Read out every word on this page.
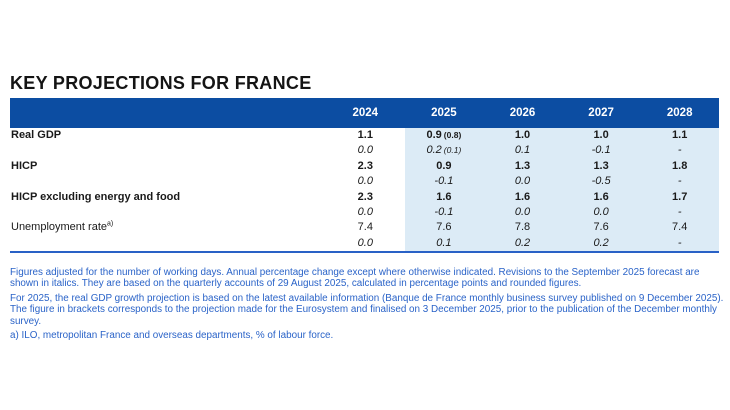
KEY PROJECTIONS FOR FRANCE
2024	2025	2026	2027	2028
Real GDP	1.1	0.9 (0.8)	1.0	1.0	1.1
0.0	0.2 (0.1)	0.1	-0.1	-
HICP	2.3	0.9	1.3	1.3	1.8
0.0	-0.1	0.0	-0.5	-
HICP excluding energy and food	2.3	1.6	1.6	1.6	1.7
0.0	-0.1	0.0	0.0	-
Unemployment rate$^{a)}$	7.4	7.6	7.8	7.6	7.4
0.0	0.1	0.2	0.2	-

Figures adjusted for the number of working days. Annual percentage change except where otherwise indicated. Revisions to the September 2025 forecast are shown in italics. They are based on the quarterly accounts of 29 August 2025, calculated in percentage points and rounded figures.

For 2025, the real GDP growth projection is based on the latest available information (Banque de France monthly business survey published on 9 December 2025). The figure in brackets corresponds to the projection made for the Eurosystem and finalised on 3 December 2025, prior to the publication of the December monthly survey.

a) ILO, metropolitan France and overseas departments, % of labour force.
